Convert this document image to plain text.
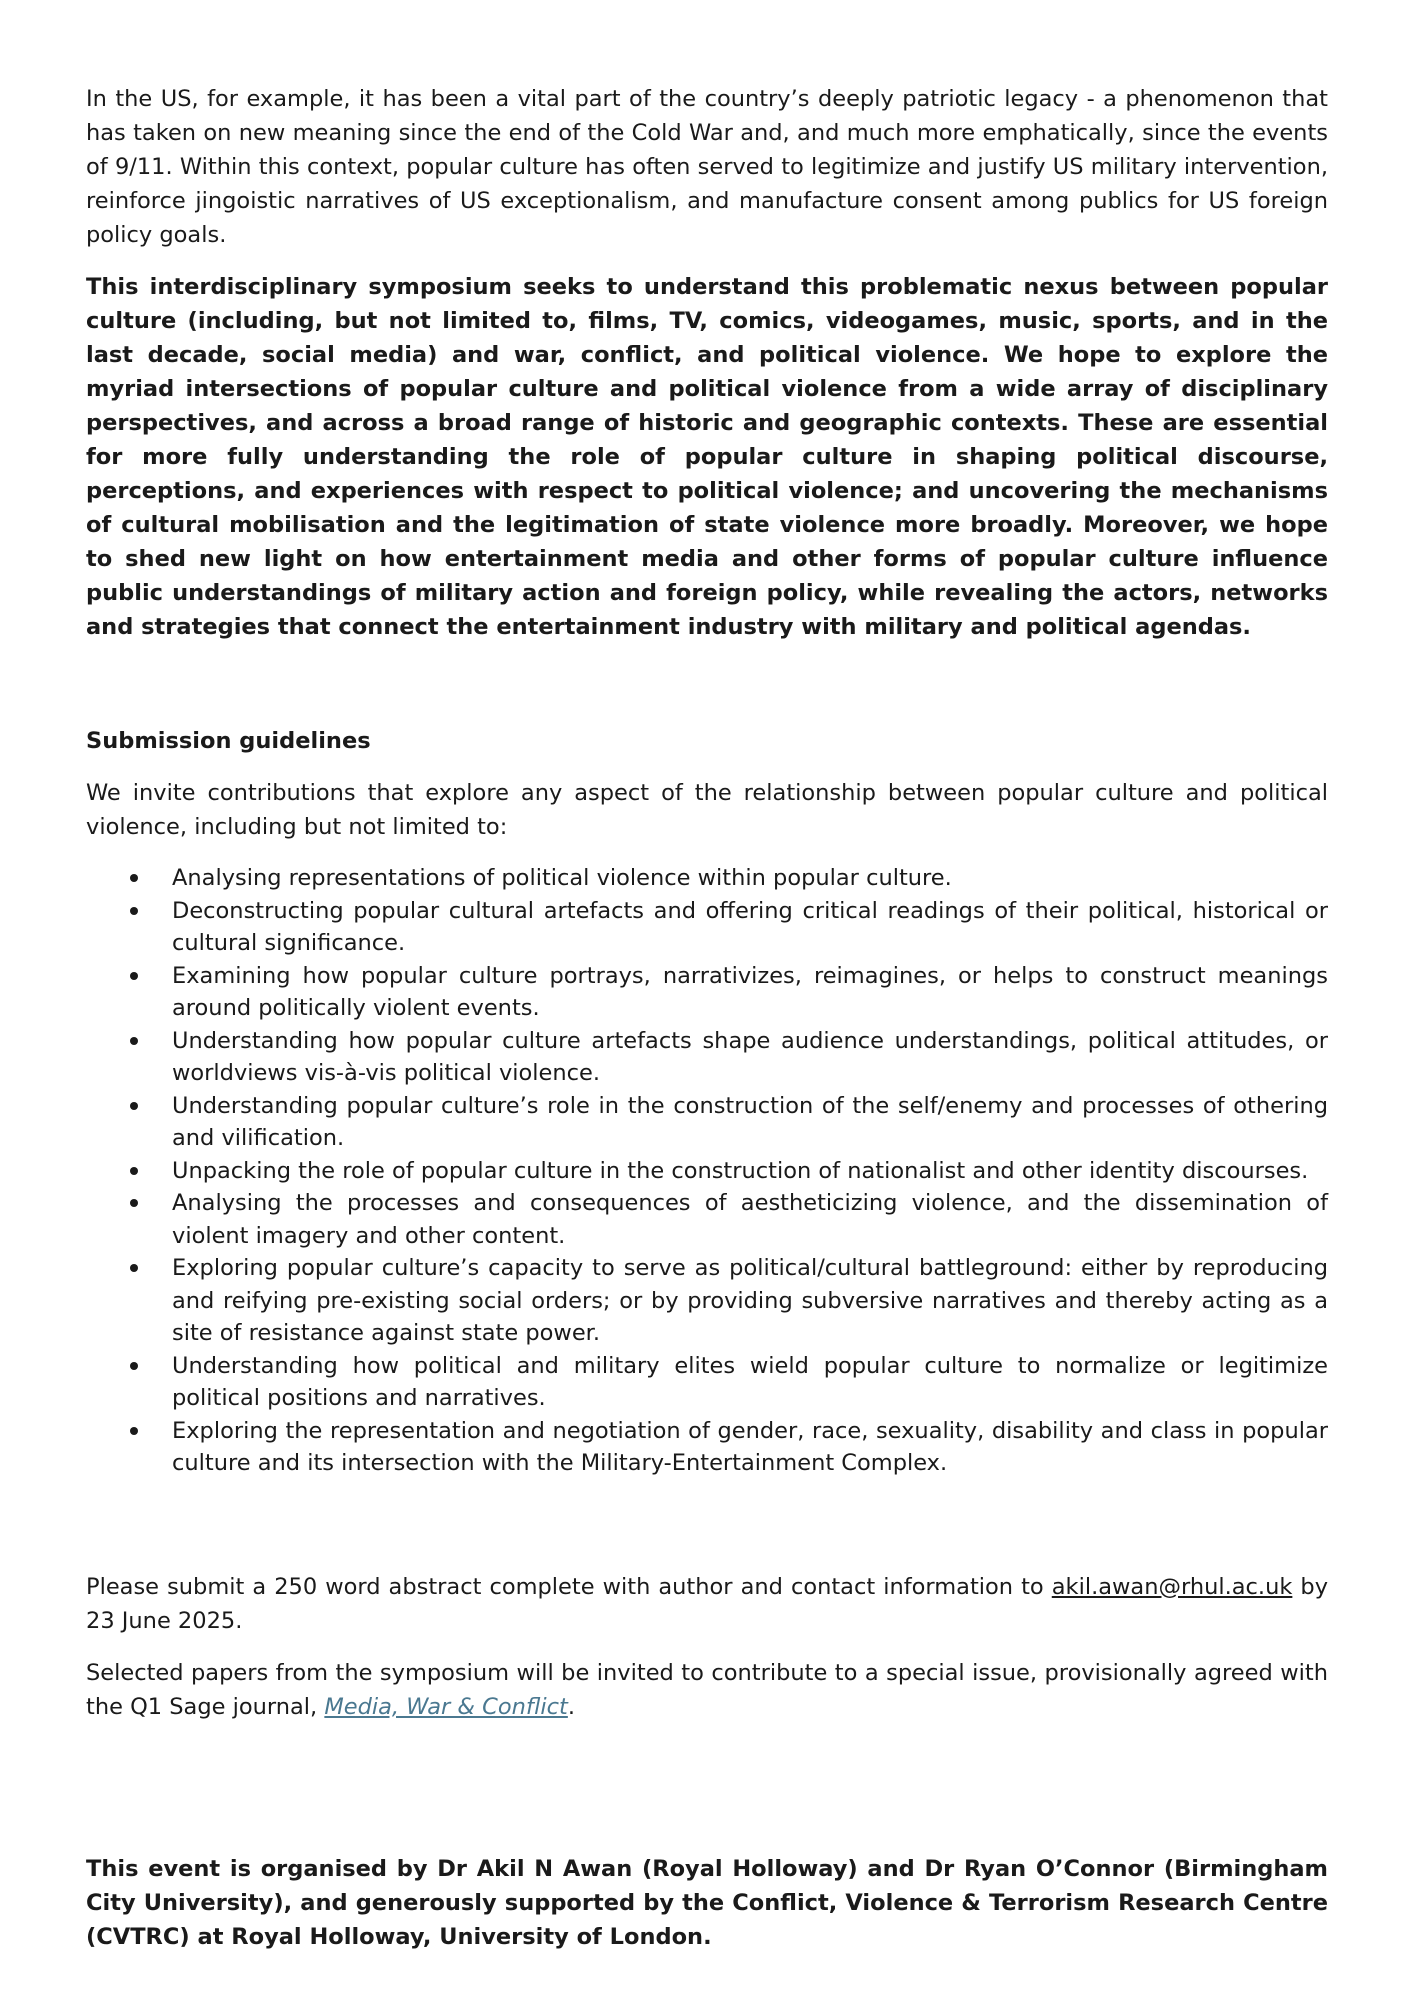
In the US, for example, it has been a vital part of the country’s deeply patriotic legacy - a phenomenon that has taken on new meaning since the end of the Cold War and, and much more emphatically, since the events of 9/11. Within this context, popular culture has often served to legitimize and justify US military intervention, reinforce jingoistic narratives of US exceptionalism, and manufacture consent among publics for US foreign policy goals.

This interdisciplinary symposium seeks to understand this problematic nexus between popular culture (including, but not limited to, films, TV, comics, videogames, music, sports, and in the last decade, social media) and war, conflict, and political violence. We hope to explore the myriad intersections of popular culture and political violence from a wide array of disciplinary perspectives, and across a broad range of historic and geographic contexts. These are essential for more fully understanding the role of popular culture in shaping political discourse, perceptions, and experiences with respect to political violence; and uncovering the mechanisms of cultural mobilisation and the legitimation of state violence more broadly. Moreover, we hope to shed new light on how entertainment media and other forms of popular culture influence public understandings of military action and foreign policy, while revealing the actors, networks and strategies that connect the entertainment industry with military and political agendas.

Submission guidelines

We invite contributions that explore any aspect of the relationship between popular culture and political violence, including but not limited to:

Analysing representations of political violence within popular culture.
Deconstructing popular cultural artefacts and offering critical readings of their political, historical or cultural significance.
Examining how popular culture portrays, narrativizes, reimagines, or helps to construct meanings around politically violent events.
Understanding how popular culture artefacts shape audience understandings, political attitudes, or worldviews vis-à-vis political violence.
Understanding popular culture’s role in the construction of the self/enemy and processes of othering and vilification.
Unpacking the role of popular culture in the construction of nationalist and other identity discourses.
Analysing the processes and consequences of aestheticizing violence, and the dissemination of violent imagery and other content.
Exploring popular culture’s capacity to serve as political/cultural battleground: either by reproducing and reifying pre-existing social orders; or by providing subversive narratives and thereby acting as a site of resistance against state power.
Understanding how political and military elites wield popular culture to normalize or legitimize political positions and narratives.
Exploring the representation and negotiation of gender, race, sexuality, disability and class in popular culture and its intersection with the Military-Entertainment Complex.

Please submit a 250 word abstract complete with author and contact information to akil.awan@rhul.ac.uk by 23 June 2025.

Selected papers from the symposium will be invited to contribute to a special issue, provisionally agreed with the Q1 Sage journal, Media, War & Conflict.

This event is organised by Dr Akil N Awan (Royal Holloway) and Dr Ryan O’Connor (Birmingham City University), and generously supported by the Conflict, Violence & Terrorism Research Centre (CVTRC) at Royal Holloway, University of London.
